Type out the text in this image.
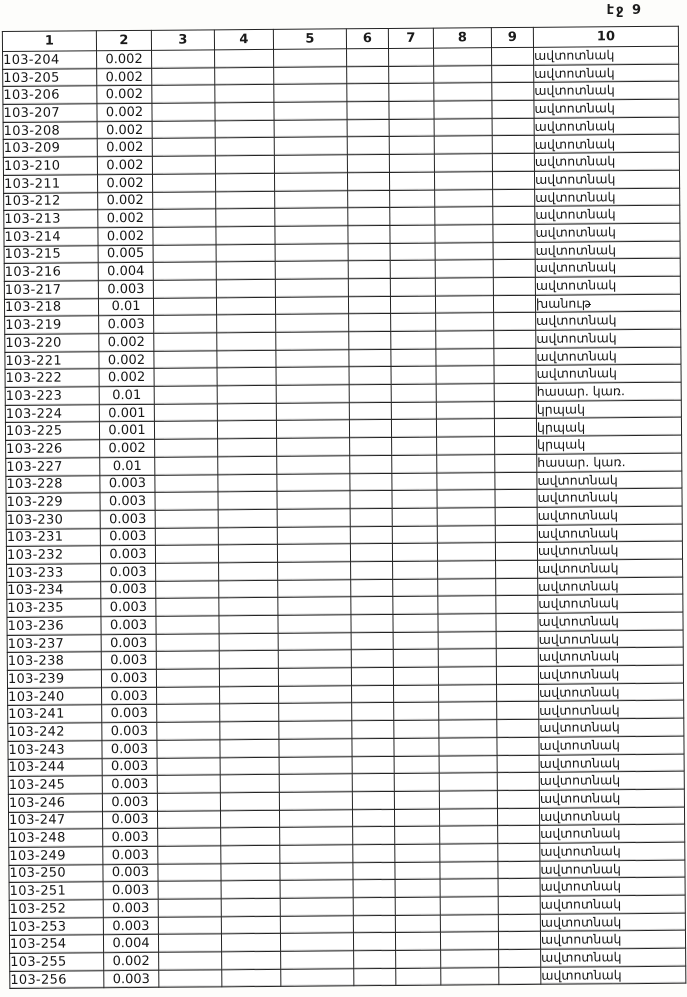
էջ 9
1	2	3	4	5	6	7	8	9	10
103-204	0.002								ավտոտնակ
103-205	0.002								ավտոտնակ
103-206	0.002								ավտոտնակ
103-207	0.002								ավտոտնակ
103-208	0.002								ավտոտնակ
103-209	0.002								ավտոտնակ
103-210	0.002								ավտոտնակ
103-211	0.002								ավտոտնակ
103-212	0.002								ավտոտնակ
103-213	0.002								ավտոտնակ
103-214	0.002								ավտոտնակ
103-215	0.005								ավտոտնակ
103-216	0.004								ավտոտնակ
103-217	0.003								ավտոտնակ
103-218	0.01								խանութ
103-219	0.003								ավտոտնակ
103-220	0.002								ավտոտնակ
103-221	0.002								ավտոտնակ
103-222	0.002								ավտոտնակ
103-223	0.01								հասար. կառ.
103-224	0.001								կրպակ
103-225	0.001								կրպակ
103-226	0.002								կրպակ
103-227	0.01								հասար. կառ.
103-228	0.003								ավտոտնակ
103-229	0.003								ավտոտնակ
103-230	0.003								ավտոտնակ
103-231	0.003								ավտոտնակ
103-232	0.003								ավտոտնակ
103-233	0.003								ավտոտնակ
103-234	0.003								ավտոտնակ
103-235	0.003								ավտոտնակ
103-236	0.003								ավտոտնակ
103-237	0.003								ավտոտնակ
103-238	0.003								ավտոտնակ
103-239	0.003								ավտոտնակ
103-240	0.003								ավտոտնակ
103-241	0.003								ավտոտնակ
103-242	0.003								ավտոտնակ
103-243	0.003								ավտոտնակ
103-244	0.003								ավտոտնակ
103-245	0.003								ավտոտնակ
103-246	0.003								ավտոտնակ
103-247	0.003								ավտոտնակ
103-248	0.003								ավտոտնակ
103-249	0.003								ավտոտնակ
103-250	0.003								ավտոտնակ
103-251	0.003								ավտոտնակ
103-252	0.003								ավտոտնակ
103-253	0.003								ավտոտնակ
103-254	0.004								ավտոտնակ
103-255	0.002								ավտոտնակ
103-256	0.003								ավտոտնակ
